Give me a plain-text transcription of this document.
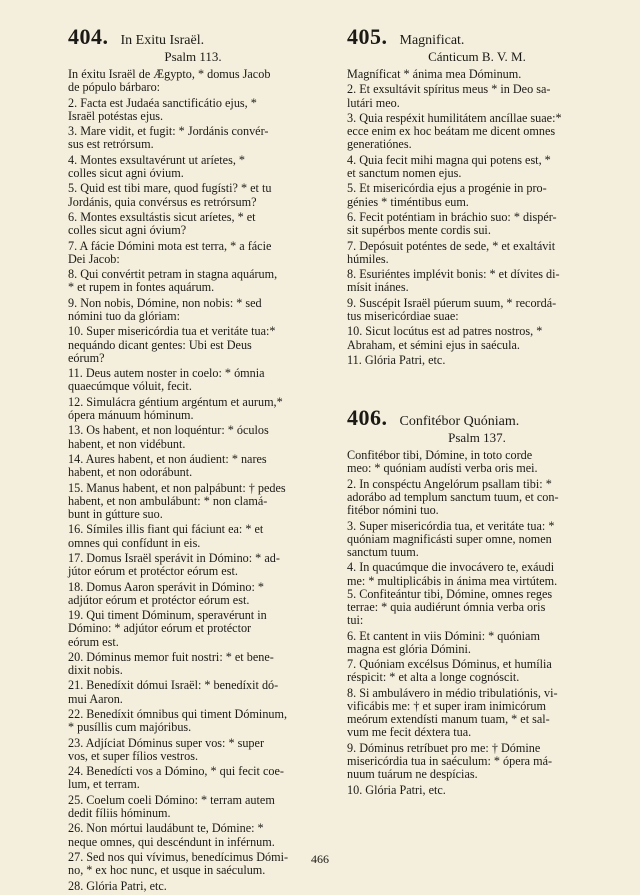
404. In Exitu Israël.
Psalm 113.
In éxitu Israël de Ægypto, * domus Jacob
de pópulo bárbaro:
2. Facta est Judaéa sanctificátio ejus, *
Israël potéstas ejus.
3. Mare vidit, et fugit: * Jordánis convér-
sus est retrórsum.
4. Montes exsultavérunt ut aríetes, *
colles sicut agni óvium.
5. Quid est tibi mare, quod fugísti? * et tu
Jordánis, quia convérsus es retrórsum?
6. Montes exsultástis sicut aríetes, * et
colles sicut agni óvium?
7. A fácie Dómini mota est terra, * a fácie
Dei Jacob:
8. Qui convértit petram in stagna aquárum,
* et rupem in fontes aquárum.
9. Non nobis, Dómine, non nobis: * sed
nómini tuo da glóriam:
10. Super misericórdia tua et veritáte tua:*
nequándo dicant gentes: Ubi est Deus
eórum?
11. Deus autem noster in coelo: * ómnia
quaecúmque vóluit, fecit.
12. Simulácra géntium argéntum et aurum,*
ópera mánuum hóminum.
13. Os habent, et non loquéntur: * óculos
habent, et non vidébunt.
14. Aures habent, et non áudient: * nares
habent, et non odorábunt.
15. Manus habent, et non palpábunt: † pedes
habent, et non ambulábunt: * non clamá-
bunt in gútture suo.
16. Símiles illis fiant qui fáciunt ea: * et
omnes qui confídunt in eis.
17. Domus Israël sperávit in Dómino: * ad-
jútor eórum et protéctor eórum est.
18. Domus Aaron sperávit in Dómino: *
adjútor eórum et protéctor eórum est.
19. Qui timent Dóminum, speravérunt in
Dómino: * adjútor eórum et protéctor
eórum est.
20. Dóminus memor fuit nostri: * et bene-
dixit nobis.
21. Benedíxit dómui Israël: * benedíxit dó-
mui Aaron.
22. Benedíxit ómnibus qui timent Dóminum,
* pusíllis cum majóribus.
23. Adjíciat Dóminus super vos: * super
vos, et super fílios vestros.
24. Benedícti vos a Dómino, * qui fecit coe-
lum, et terram.
25. Coelum coeli Dómino: * terram autem
dedit fíliis hóminum.
26. Non mórtui laudábunt te, Dómine: *
neque omnes, qui descéndunt in inférnum.
27. Sed nos qui vívimus, benedícimus Dómi-
no, * ex hoc nunc, et usque in saéculum.
28. Glória Patri, etc.
405. Magnificat.
Cánticum B. V. M.
Magníficat * ánima mea Dóminum.
2. Et exsultávit spíritus meus * in Deo sa-
lutári meo.
3. Quia respéxit humilitátem ancíllae suae:*
ecce enim ex hoc beátam me dicent omnes
generatiónes.
4. Quia fecit mihi magna qui potens est, *
et sanctum nomen ejus.
5. Et misericórdia ejus a progénie in pro-
génies * timéntibus eum.
6. Fecit poténtiam in bráchio suo: * dispér-
sit supérbos mente cordis sui.
7. Depósuit poténtes de sede, * et exaltávit
húmiles.
8. Esuriéntes implévit bonis: * et dívites di-
mísit inánes.
9. Suscépit Israël púerum suum, * recordá-
tus misericórdiae suae:
10. Sicut locútus est ad patres nostros, *
Abraham, et sémini ejus in saécula.
11. Glória Patri, etc.
406. Confitébor Quóniam.
Psalm 137.
Confitébor tibi, Dómine, in toto corde
meo: * quóniam audísti verba oris mei.
2. In conspéctu Angelórum psallam tibi: *
adorábo ad templum sanctum tuum, et con-
fitébor nómini tuo.
3. Super misericórdia tua, et veritáte tua: *
quóniam magnificásti super omne, nomen
sanctum tuum.
4. In quacúmque die invocávero te, exáudi
me: * multiplicábis in ánima mea virtútem.
5. Confiteántur tibi, Dómine, omnes reges
terrae: * quia audiérunt ómnia verba oris
tui:
6. Et cantent in viis Dómini: * quóniam
magna est glória Dómini.
7. Quóniam excélsus Dóminus, et humília
réspicit: * et alta a longe cognóscit.
8. Si ambulávero in médio tribulatiónis, vi-
vificábis me: † et super iram inimicórum
meórum extendísti manum tuam, * et sal-
vum me fecit déxtera tua.
9. Dóminus retríbuet pro me: † Dómine
misericórdia tua in saéculum: * ópera má-
nuum tuárum ne despícias.
10. Glória Patri, etc.
466
